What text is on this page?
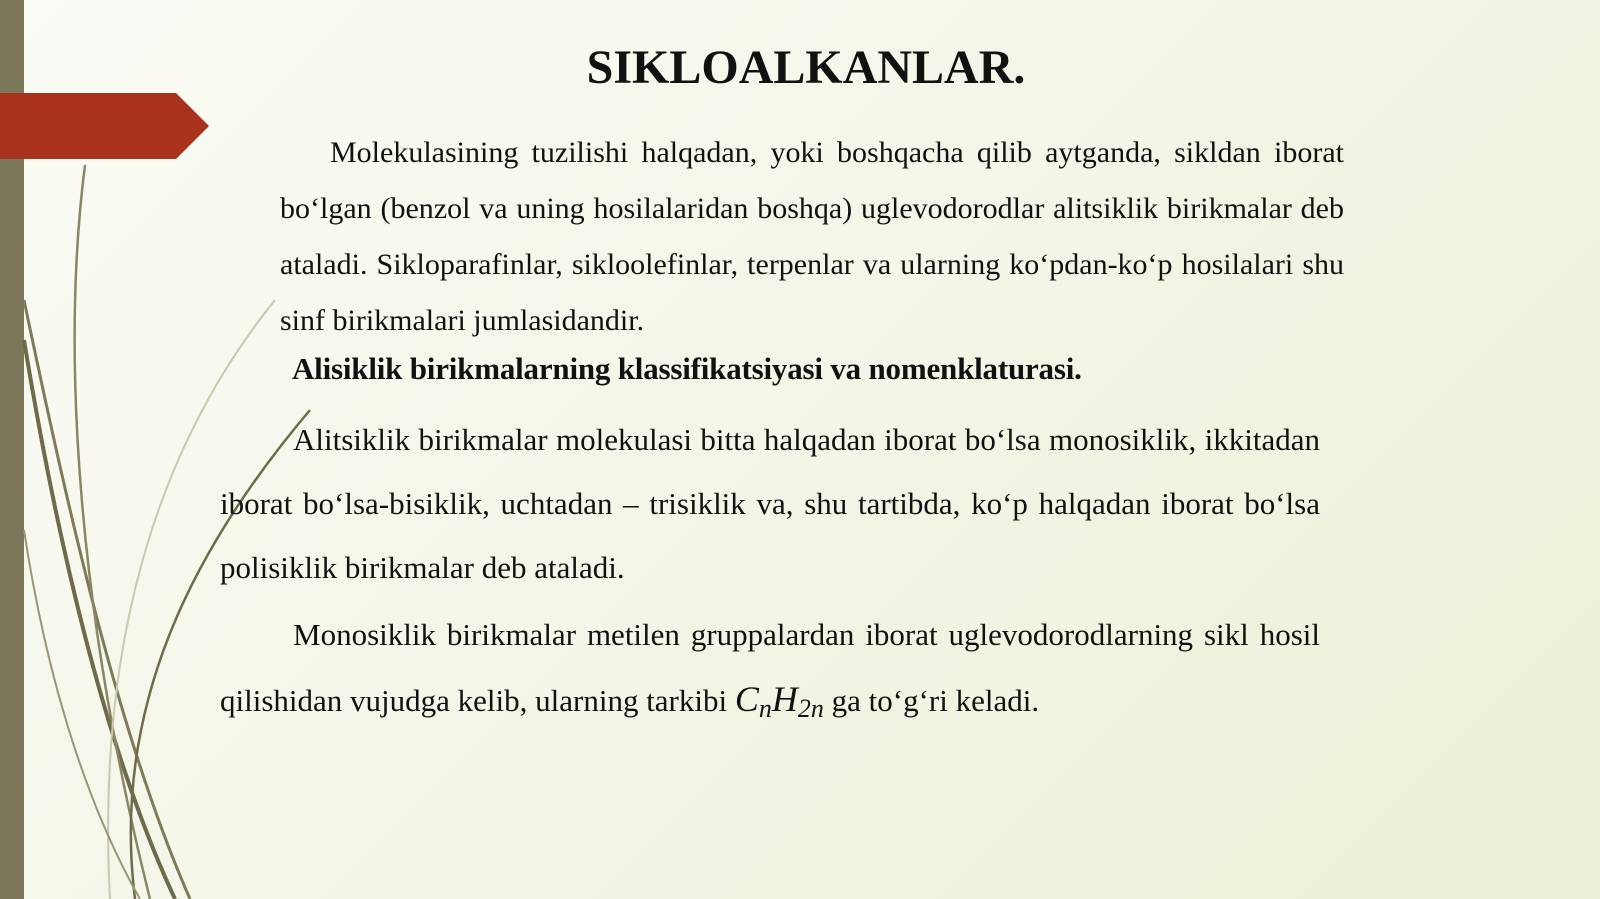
SIKLOALKANLAR.

Molekulasining tuzilishi halqadan, yoki boshqacha qilib aytganda, sikldan iborat bo‘lgan (benzol va uning hosilalaridan boshqa) uglevodorodlar alitsiklik birikmalar deb ataladi. Sikloparafinlar, sikloolefinlar, terpenlar va ularning ko‘pdan-ko‘p hosilalari shu sinf birikmalari jumlasidandir.

Alisiklik birikmalarning klassifikatsiyasi va nomenklaturasi.

Alitsiklik birikmalar molekulasi bitta halqadan iborat bo‘lsa monosiklik, ikkitadan iborat bo‘lsa-bisiklik, uchtadan – trisiklik va, shu tartibda, ko‘p halqadan iborat bo‘lsa polisiklik birikmalar deb ataladi.

Monosiklik birikmalar metilen gruppalardan iborat uglevodorodlarning sikl hosil qilishidan vujudga kelib, ularning tarkibi $C_nH_{2n}$ ga to‘g‘ri keladi.
